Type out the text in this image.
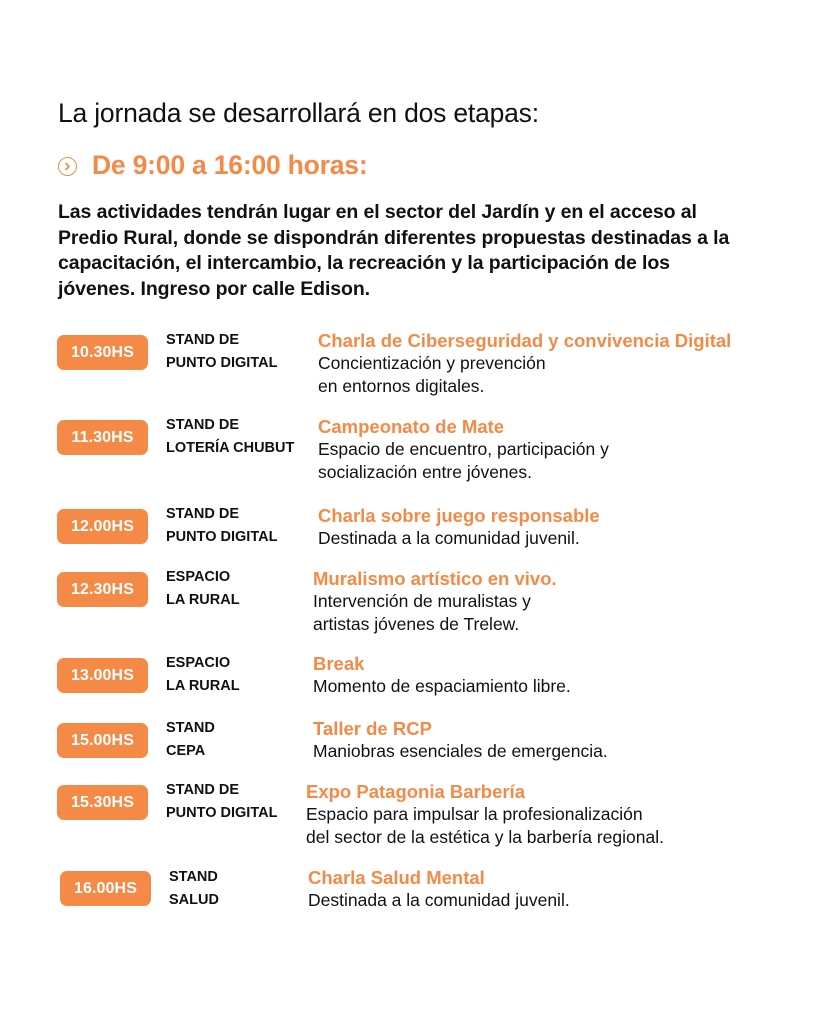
La jornada se desarrollará en dos etapas:
De 9:00 a 16:00 horas:

Las actividades tendrán lugar en el sector del Jardín y en el acceso al Predio Rural, donde se dispondrán diferentes propuestas destinadas a la capacitación, el intercambio, la recreación y la participación de los jóvenes. Ingreso por calle Edison.

10.30HS
STAND DE
PUNTO DIGITAL
Charla de Ciberseguridad y convivencia Digital
Concientización y prevención
en entornos digitales.
11.30HS
STAND DE
LOTERÍA CHUBUT
Campeonato de Mate
Espacio de encuentro, participación y
socialización entre jóvenes.
12.00HS
STAND DE
PUNTO DIGITAL
Charla sobre juego responsable
Destinada a la comunidad juvenil.
12.30HS
ESPACIO
LA RURAL
Muralismo artístico en vivo.
Intervención de muralistas y
artistas jóvenes de Trelew.
13.00HS
ESPACIO
LA RURAL
Break
Momento de espaciamiento libre.
15.00HS
STAND
CEPA
Taller de RCP
Maniobras esenciales de emergencia.
15.30HS
STAND DE
PUNTO DIGITAL
Expo Patagonia Barbería
Espacio para impulsar la profesionalización
del sector de la estética y la barbería regional.
16.00HS
STAND
SALUD
Charla Salud Mental
Destinada a la comunidad juvenil.
